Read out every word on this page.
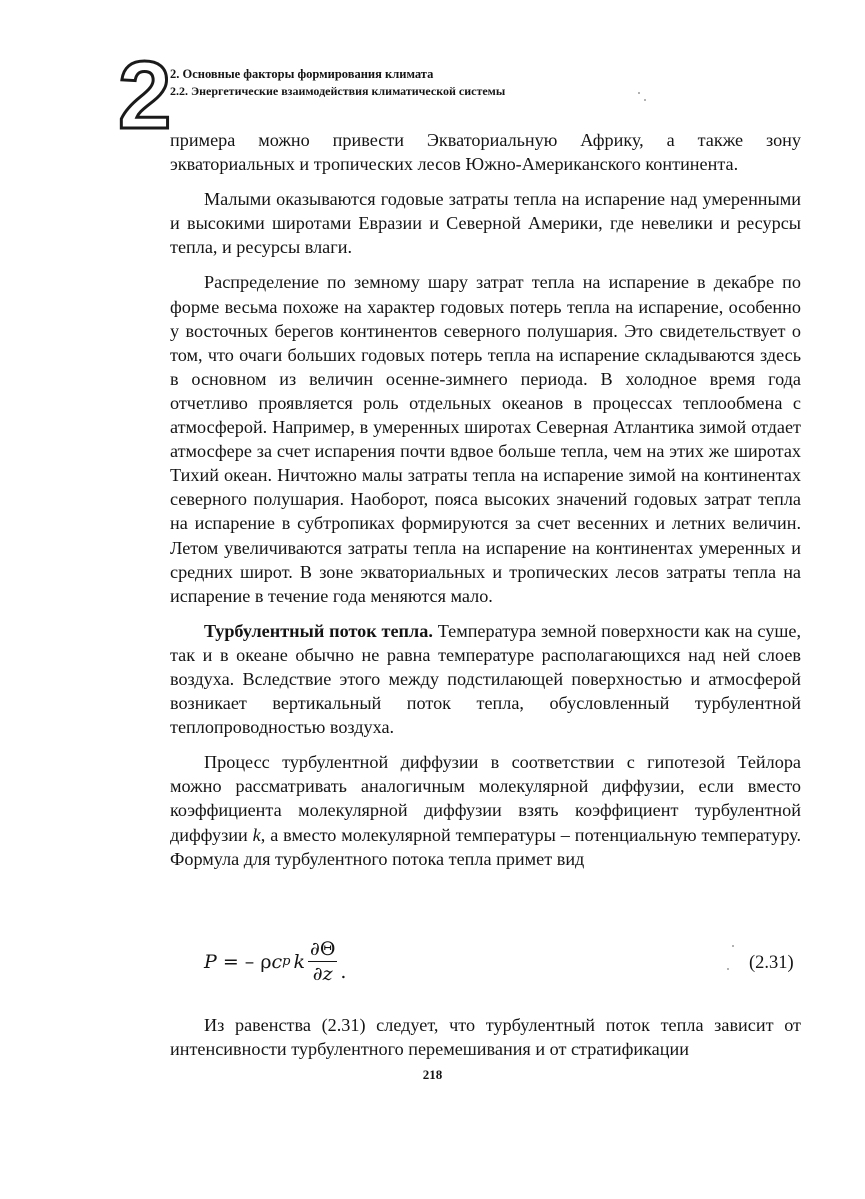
2
2. Основные факторы формирования климата
2.2. Энергетические взаимодействия климатической системы

примера можно привести Экваториальную Африку, а также зону экваториальных и тропических лесов Южно-Американского континента.

Малыми оказываются годовые затраты тепла на испарение над умеренными и высокими широтами Евразии и Северной Америки, где невелики и ресурсы тепла, и ресурсы влаги.

Распределение по земному шару затрат тепла на испарение в декабре по форме весьма похоже на характер годовых потерь тепла на испарение, особенно у восточных берегов континентов северного полушария. Это свидетельствует о том, что очаги больших годовых потерь тепла на испарение складываются здесь в основном из величин осенне-зимнего периода. В холодное время года отчетливо проявляется роль отдельных океанов в процессах теплообмена с атмосферой. Например, в умеренных широтах Северная Атлантика зимой отдает атмосфере за счет испарения почти вдвое больше тепла, чем на этих же широтах Тихий океан. Ничтожно малы затраты тепла на испарение зимой на континентах северного полушария. Наоборот, пояса высоких значений годовых затрат тепла на испарение в субтропиках формируются за счет весенних и летних величин. Летом увеличиваются затраты тепла на испарение на континентах умеренных и средних широт. В зоне экваториальных и тропических лесов затраты тепла на испарение в течение года меняются мало.

Турбулентный поток тепла. Температура земной поверхности как на суше, так и в океане обычно не равна температуре располагающихся над ней слоев воздуха. Вследствие этого между подстилающей поверхностью и атмосферой возникает вертикальный поток тепла, обусловленный турбулентной теплопроводностью воздуха.

Процесс турбулентной диффузии в соответствии с гипотезой Тейлора можно рассматривать аналогичным молекулярной диффузии, если вместо коэффициента молекулярной диффузии взять коэффициент турбулентной диффузии k, а вместо молекулярной температуры – потенциальную температуру. Формула для турбулентного потока тепла примет вид

P = – ρ c p k $\frac{\partial\Theta}{\partial z}$ .	(2.31)

Из равенства (2.31) следует, что турбулентный поток тепла зависит от интенсивности турбулентного перемешивания и от стратификации

218
